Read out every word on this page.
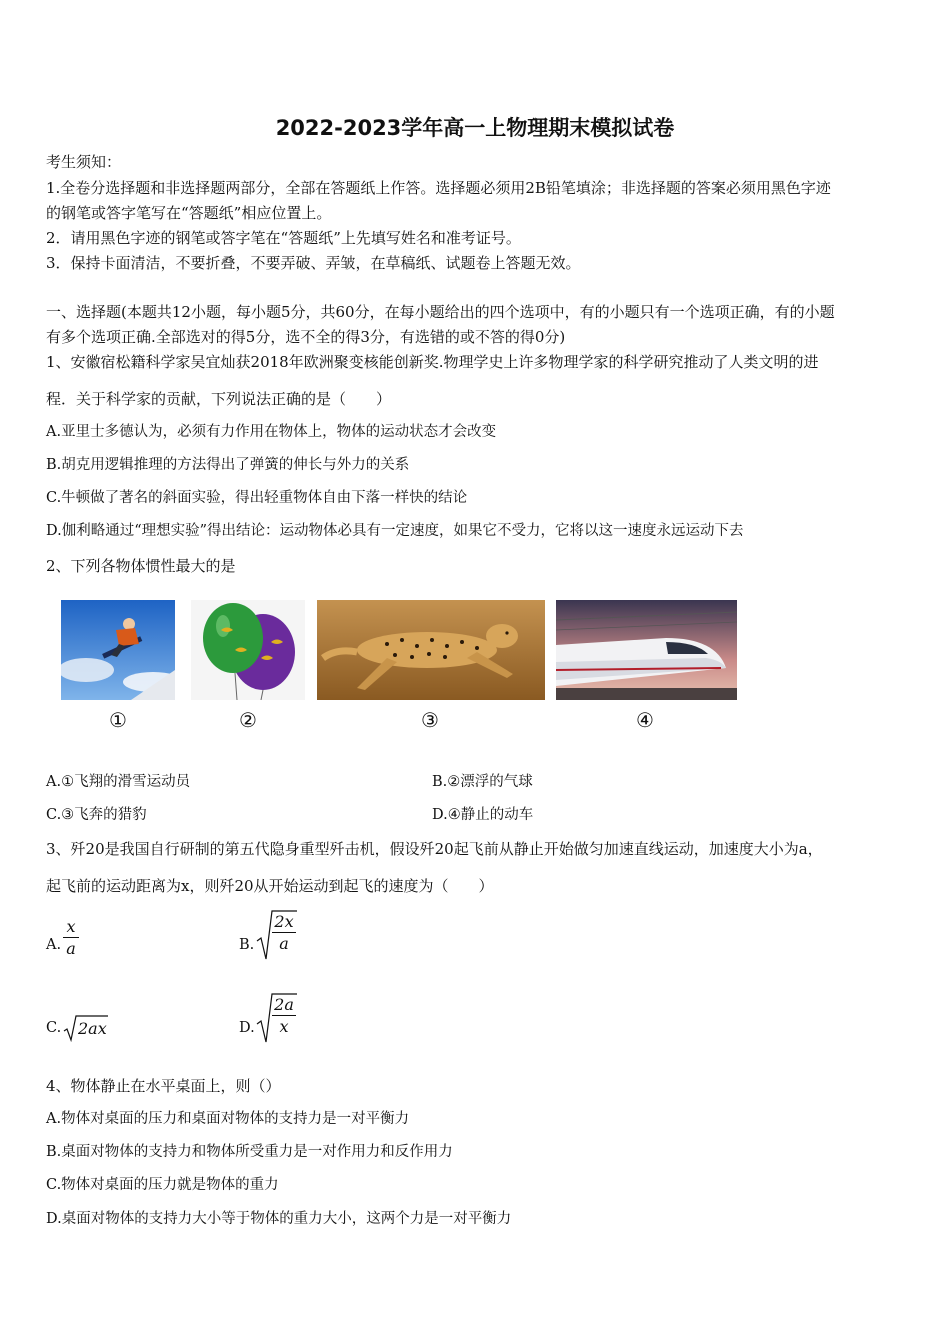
2022-2023学年高一上物理期末模拟试卷
考生须知：
1.全卷分选择题和非选择题两部分，全部在答题纸上作答。选择题必须用2B铅笔填涂；非选择题的答案必须用黑色字迹
的钢笔或答字笔写在“答题纸”相应位置上。
2．请用黑色字迹的钢笔或答字笔在“答题纸”上先填写姓名和准考证号。
3．保持卡面清洁，不要折叠，不要弄破、弄皱，在草稿纸、试题卷上答题无效。
一、选择题(本题共12小题，每小题5分，共60分，在每小题给出的四个选项中，有的小题只有一个选项正确，有的小题
有多个选项正确.全部选对的得5分，选不全的得3分，有选错的或不答的得0分)
1、安徽宿松籍科学家吴宜灿获2018年欧洲聚变核能创新奖.物理学史上许多物理学家的科学研究推动了人类文明的进
程．关于科学家的贡献，下列说法正确的是（　　）
A.亚里士多德认为，必须有力作用在物体上，物体的运动状态才会改变
B.胡克用逻辑推理的方法得出了弹簧的伸长与外力的关系
C.牛顿做了著名的斜面实验，得出轻重物体自由下落一样快的结论
D.伽利略通过“理想实验”得出结论：运动物体必具有一定速度，如果它不受力，它将以这一速度永远运动下去
2、下列各物体惯性最大的是
①	②	③	④
A.①飞翔的滑雪运动员	B.②漂浮的气球
C.③飞奔的猎豹	D.④静止的动车
3、歼20是我国自行研制的第五代隐身重型歼击机，假设歼20起飞前从静止开始做匀加速直线运动，加速度大小为a，
起飞前的运动距离为x，则歼20从开始运动到起飞的速度为（　　）
A.
x
a	B.
2x
a
C. 2ax	D.
2a
x
4、物体静止在水平桌面上，则（）
A.物体对桌面的压力和桌面对物体的支持力是一对平衡力
B.桌面对物体的支持力和物体所受重力是一对作用力和反作用力
C.物体对桌面的压力就是物体的重力
D.桌面对物体的支持力大小等于物体的重力大小，这两个力是一对平衡力
